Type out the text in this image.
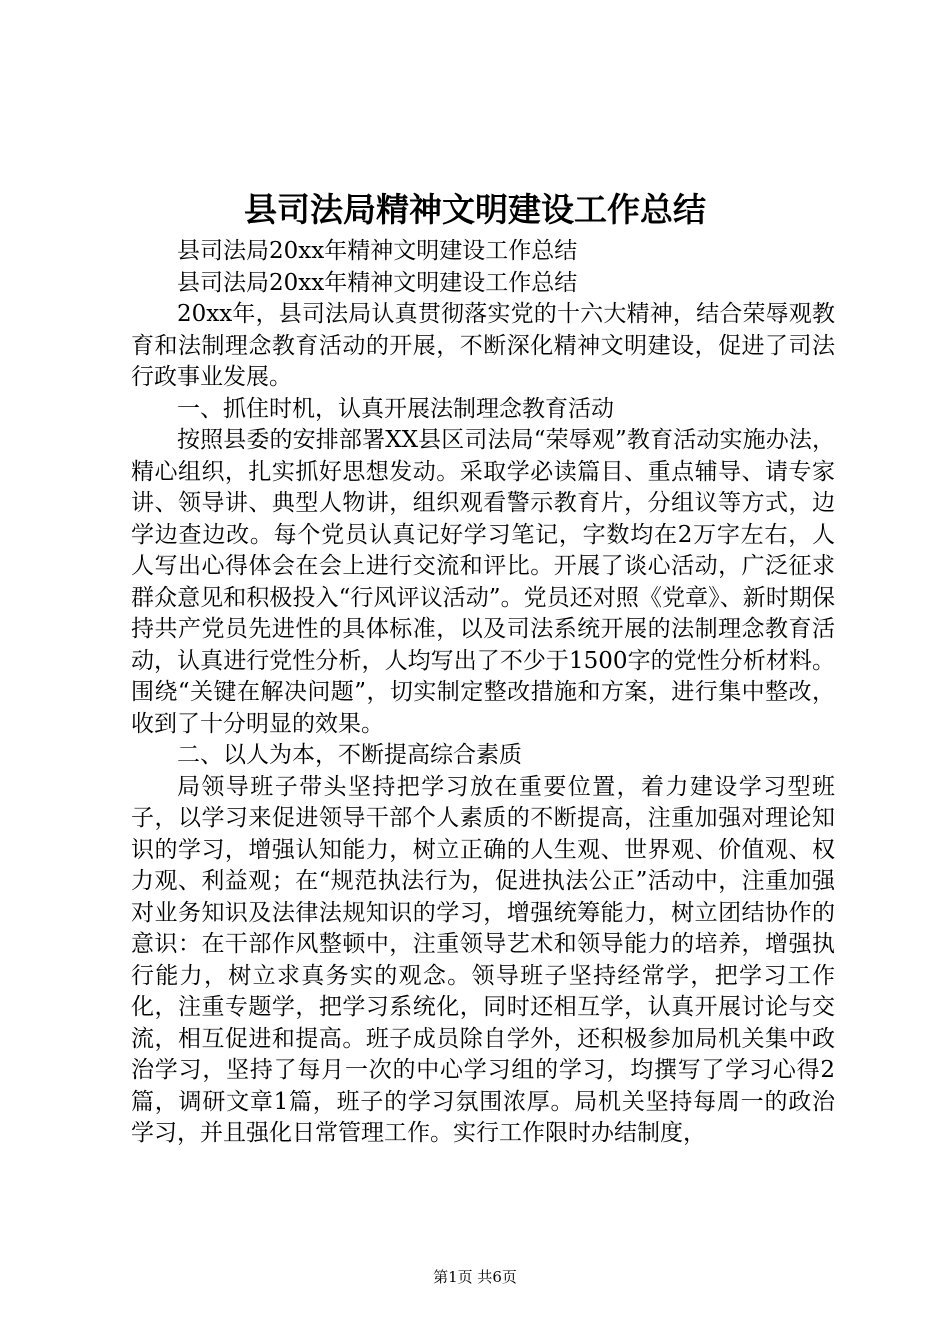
县司法局精神文明建设工作总结

县司法局20xx年精神文明建设工作总结

县司法局20xx年精神文明建设工作总结

20xx年，县司法局认真贯彻落实党的十六大精神，结合荣辱观教育和法制理念教育活动的开展，不断深化精神文明建设，促进了司法行政事业发展。

一、抓住时机，认真开展法制理念教育活动

按照县委的安排部署XX县区司法局“荣辱观”教育活动实施办法，精心组织，扎实抓好思想发动。采取学必读篇目、重点辅导、请专家讲、领导讲、典型人物讲，组织观看警示教育片，分组议等方式，边学边查边改。每个党员认真记好学习笔记，字数均在2万字左右，人人写出心得体会在会上进行交流和评比。开展了谈心活动，广泛征求群众意见和积极投入“行风评议活动”。党员还对照《党章》、新时期保持共产党员先进性的具体标准，以及司法系统开展的法制理念教育活动，认真进行党性分析，人均写出了不少于1500字的党性分析材料。围绕“关键在解决问题”，切实制定整改措施和方案，进行集中整改，收到了十分明显的效果。

二、以人为本，不断提高综合素质

局领导班子带头坚持把学习放在重要位置，着力建设学习型班子，以学习来促进领导干部个人素质的不断提高，注重加强对理论知识的学习，增强认知能力，树立正确的人生观、世界观、价值观、权力观、利益观；在“规范执法行为，促进执法公正”活动中，注重加强对业务知识及法律法规知识的学习，增强统筹能力，树立团结协作的意识：在干部作风整顿中，注重领导艺术和领导能力的培养，增强执行能力，树立求真务实的观念。领导班子坚持经常学，把学习工作化，注重专题学，把学习系统化，同时还相互学，认真开展讨论与交流，相互促进和提高。班子成员除自学外，还积极参加局机关集中政治学习，坚持了每月一次的中心学习组的学习，均撰写了学习心得2篇，调研文章1篇，班子的学习氛围浓厚。局机关坚持每周一的政治学习，并且强化日常管理工作。实行工作限时办结制度，

第1页 共6页
